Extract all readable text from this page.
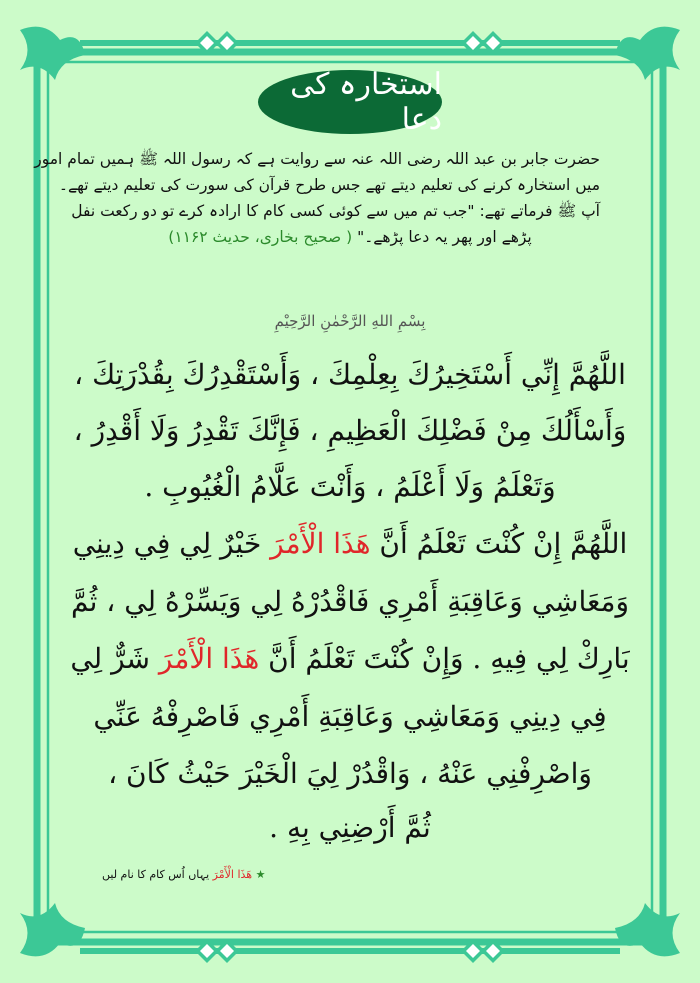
استخارہ کی دعا
حضرت جابر بن عبد اللہ رضی اللہ عنہ سے روایت ہے کہ رسول اللہ ﷺ ہمیں تمام امور
میں استخارہ کرنے کی تعلیم دیتے تھے جس طرح قرآن کی سورت کی تعلیم دیتے تھے۔
آپ ﷺ فرماتے تھے: "جب تم میں سے کوئی کسی کام کا ارادہ کرے تو دو رکعت نفل
پڑھے اور پھر یہ دعا پڑھے۔" ( صحیح بخاری، حدیث ۱۱۶۲)
بِسْمِ اللهِ الرَّحْمٰنِ الرَّحِيْمِ
اللَّهُمَّ إِنِّي أَسْتَخِيرُكَ بِعِلْمِكَ ، وَأَسْتَقْدِرُكَ بِقُدْرَتِكَ ،
وَأَسْأَلُكَ مِنْ فَضْلِكَ الْعَظِيمِ ، فَإِنَّكَ تَقْدِرُ وَلَا أَقْدِرُ ،
وَتَعْلَمُ وَلَا أَعْلَمُ ، وَأَنْتَ عَلَّامُ الْغُيُوبِ .
اللَّهُمَّ إِنْ كُنْتَ تَعْلَمُ أَنَّ هَذَا الْأَمْرَ خَيْرٌ لِي فِي دِينِي
وَمَعَاشِي وَعَاقِبَةِ أَمْرِي فَاقْدُرْهُ لِي وَيَسِّرْهُ لِي ، ثُمَّ
بَارِكْ لِي فِيهِ . وَإِنْ كُنْتَ تَعْلَمُ أَنَّ هَذَا الْأَمْرَ شَرٌّ لِي
فِي دِينِي وَمَعَاشِي وَعَاقِبَةِ أَمْرِي فَاصْرِفْهُ عَنِّي
وَاصْرِفْنِي عَنْهُ ، وَاقْدُرْ لِيَ الْخَيْرَ حَيْثُ كَانَ ،
ثُمَّ أَرْضِنِي بِهِ .
★ هَذَا الْأَمْرَ یہاں اُس کام کا نام لیں
